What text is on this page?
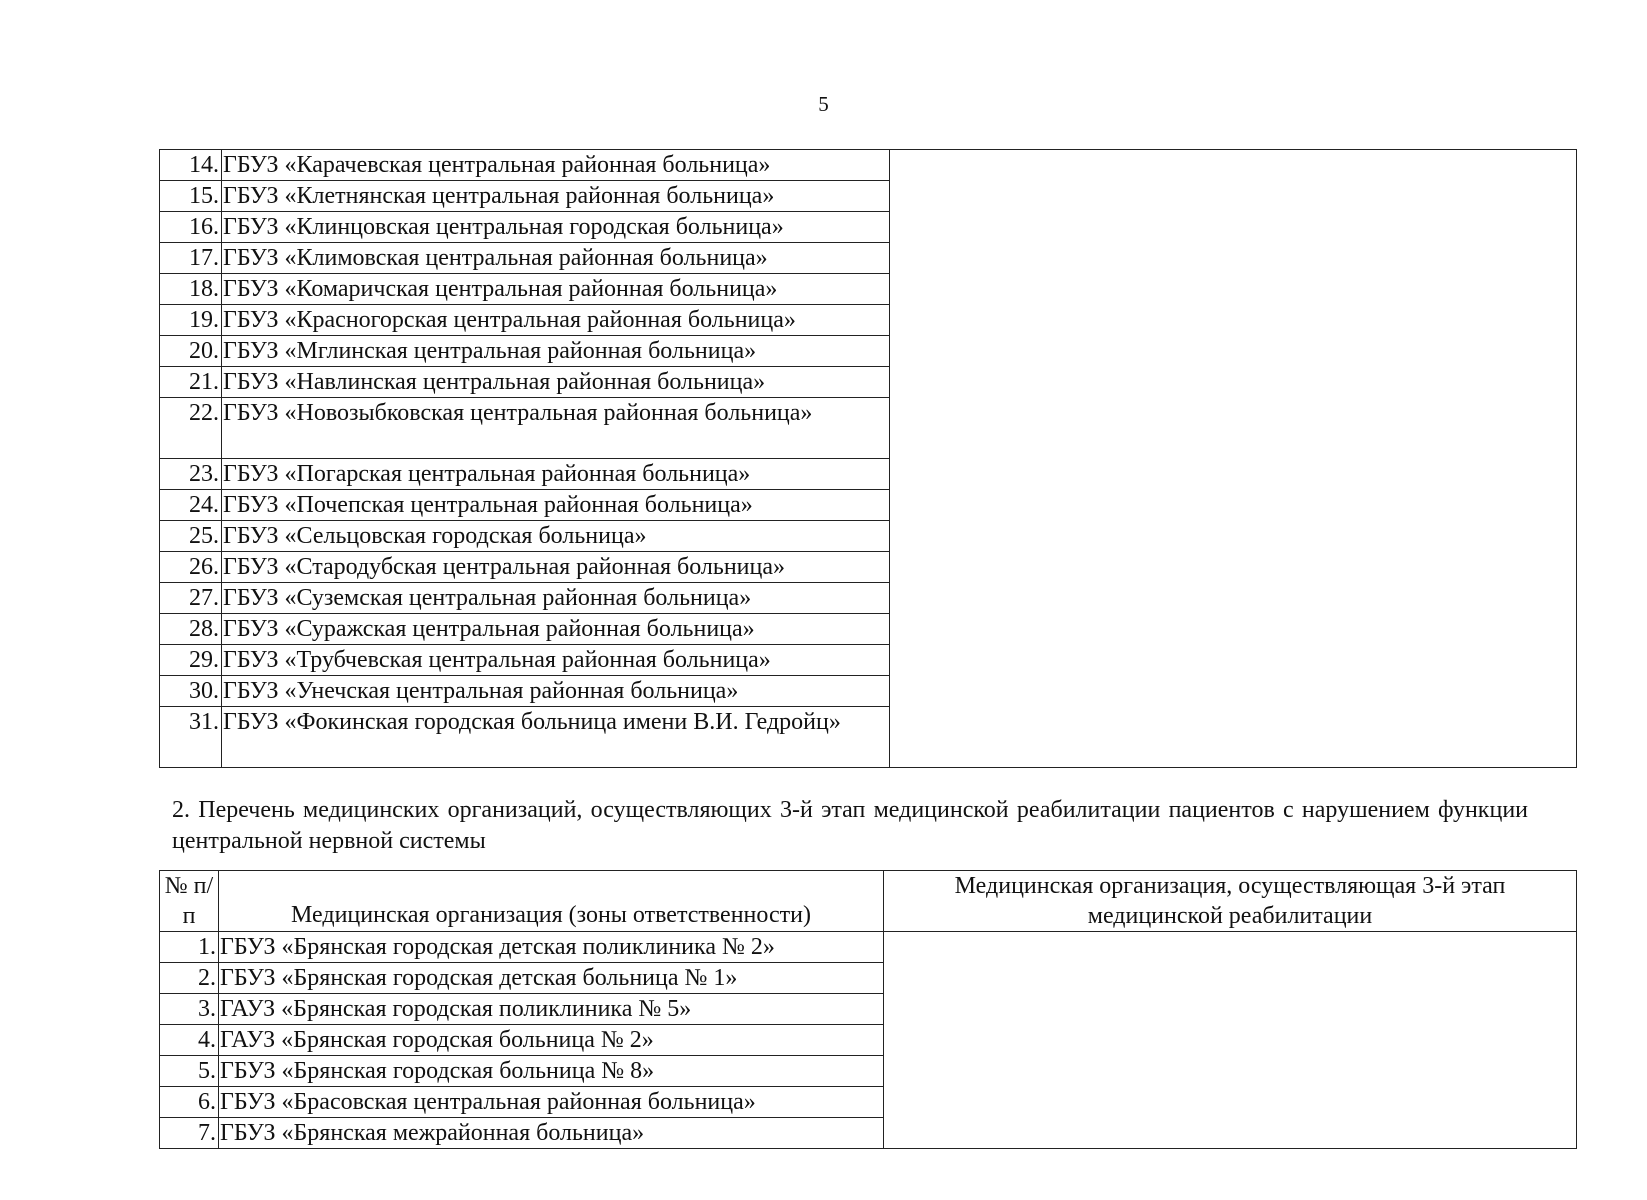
5
14.	ГБУЗ «Карачевская центральная районная больница»	
15.	ГБУЗ «Клетнянская центральная районная больница»	
16.	ГБУЗ «Клинцовская центральная городская больница»	
17.	ГБУЗ «Климовская центральная районная больница»	
18.	ГБУЗ «Комаричская центральная районная больница»	
19.	ГБУЗ «Красногорская центральная районная больница»	
20.	ГБУЗ «Мглинская центральная районная больница»	
21.	ГБУЗ «Навлинская центральная районная больница»	
22.	ГБУЗ «Новозыбковская центральная районная больница»	
23.	ГБУЗ «Погарская центральная районная больница»	
24.	ГБУЗ «Почепская центральная районная больница»	
25.	ГБУЗ «Сельцовская городская больница»	
26.	ГБУЗ «Стародубская центральная районная больница»	
27.	ГБУЗ «Суземская центральная районная больница»	
28.	ГБУЗ «Суражская центральная районная больница»	
29.	ГБУЗ «Трубчевская центральная районная больница»	
30.	ГБУЗ «Унечская центральная районная больница»	
31.	ГБУЗ «Фокинская городская больница имени В.И. Гедройц»	
2. Перечень медицинских организаций, осуществляющих 3-й этап медицинской реабилитации пациентов с нарушением функции центральной нервной системы
№ п/п	Медицинская организация (зоны ответственности)	Медицинская организация, осуществляющая 3-й этап медицинской реабилитации
1.	ГБУЗ «Брянская городская детская поликлиника № 2»	
2.	ГБУЗ «Брянская городская детская больница № 1»	
3.	ГАУЗ «Брянская городская поликлиника № 5»	
4.	ГАУЗ «Брянская городская больница № 2»	
5.	ГБУЗ «Брянская городская больница № 8»	
6.	ГБУЗ «Брасовская центральная районная больница»	
7.	ГБУЗ «Брянская межрайонная больница»	
